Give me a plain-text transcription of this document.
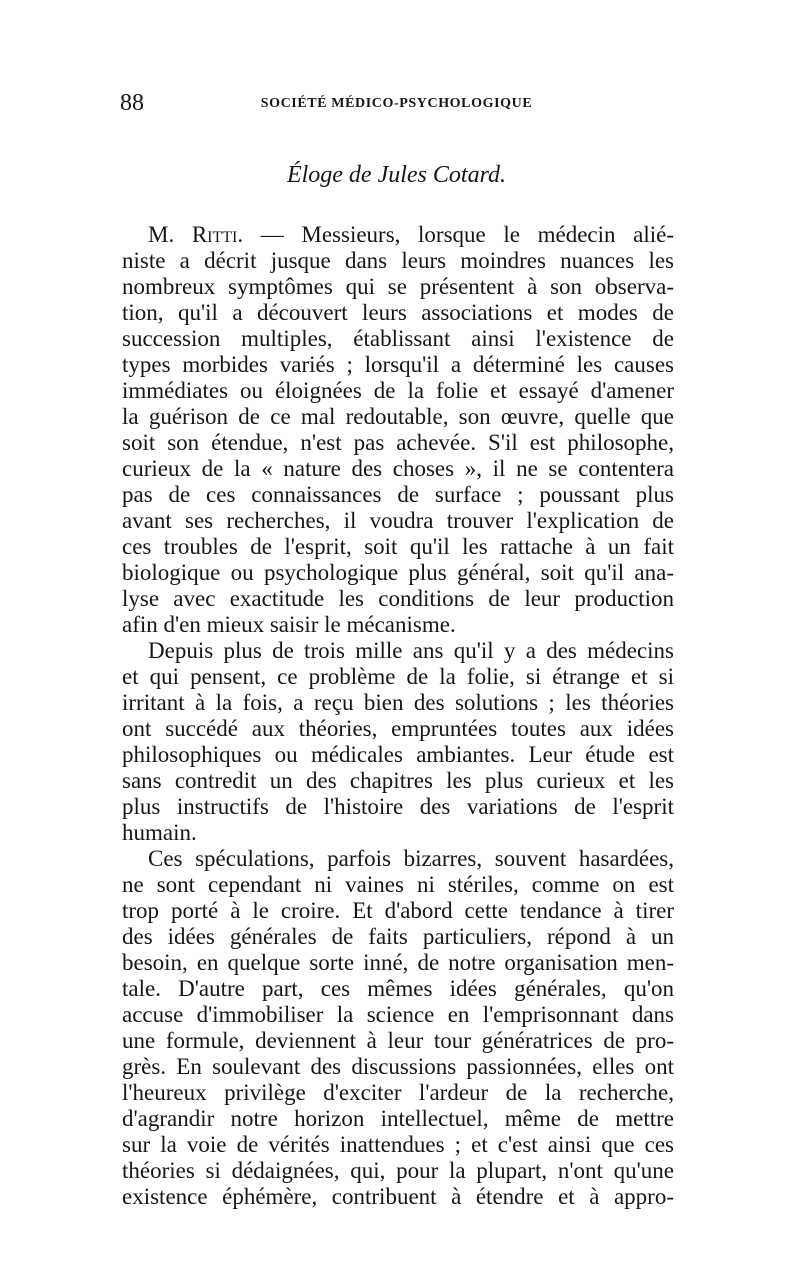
88	SOCIÉTÉ MÉDICO-PSYCHOLOGIQUE
Éloge de Jules Cotard.
M. Ritti. — Messieurs, lorsque le médecin alié-
niste a décrit jusque dans leurs moindres nuances les
nombreux symptômes qui se présentent à son observa-
tion, qu'il a découvert leurs associations et modes de
succession multiples, établissant ainsi l'existence de
types morbides variés ; lorsqu'il a déterminé les causes
immédiates ou éloignées de la folie et essayé d'amener
la guérison de ce mal redoutable, son œuvre, quelle que
soit son étendue, n'est pas achevée. S'il est philosophe,
curieux de la « nature des choses », il ne se contentera
pas de ces connaissances de surface ; poussant plus
avant ses recherches, il voudra trouver l'explication de
ces troubles de l'esprit, soit qu'il les rattache à un fait
biologique ou psychologique plus général, soit qu'il ana-
lyse avec exactitude les conditions de leur production
afin d'en mieux saisir le mécanisme.
Depuis plus de trois mille ans qu'il y a des médecins
et qui pensent, ce problème de la folie, si étrange et si
irritant à la fois, a reçu bien des solutions ; les théories
ont succédé aux théories, empruntées toutes aux idées
philosophiques ou médicales ambiantes. Leur étude est
sans contredit un des chapitres les plus curieux et les
plus instructifs de l'histoire des variations de l'esprit
humain.
Ces spéculations, parfois bizarres, souvent hasardées,
ne sont cependant ni vaines ni stériles, comme on est
trop porté à le croire. Et d'abord cette tendance à tirer
des idées générales de faits particuliers, répond à un
besoin, en quelque sorte inné, de notre organisation men-
tale. D'autre part, ces mêmes idées générales, qu'on
accuse d'immobiliser la science en l'emprisonnant dans
une formule, deviennent à leur tour génératrices de pro-
grès. En soulevant des discussions passionnées, elles ont
l'heureux privilège d'exciter l'ardeur de la recherche,
d'agrandir notre horizon intellectuel, même de mettre
sur la voie de vérités inattendues ; et c'est ainsi que ces
théories si dédaignées, qui, pour la plupart, n'ont qu'une
existence éphémère, contribuent à étendre et à appro-
